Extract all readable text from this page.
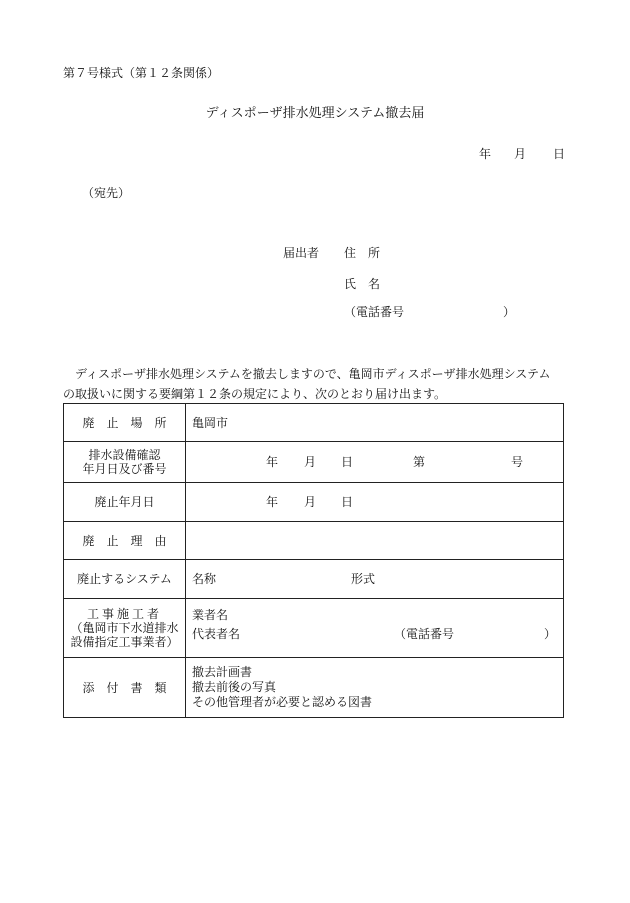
第７号様式（第１２条関係）
ディスポーザ排水処理システム撤去届
年 月 日
（宛先）
届出者 住　所
氏　名
（電話番号	）
　ディスポーザ排水処理システムを撤去しますので、亀岡市ディスポーザ排水処理システム
の取扱いに関する要綱第１２条の規定により、次のとおり届け出ます。
廃　止　場　所	亀岡市

排水設備確認
年月日及び番号	年 月 日 第 号

廃止年月日	年 月 日

廃　止　理　由	
廃止するシステム	名称 形式

工事施工者
（亀岡市下水道排水
設備指定工事業者）	業者名
代表者名 （電話番号 ）

添　付　書　類	撤去計画書
撤去前後の写真
その他管理者が必要と認める図書
